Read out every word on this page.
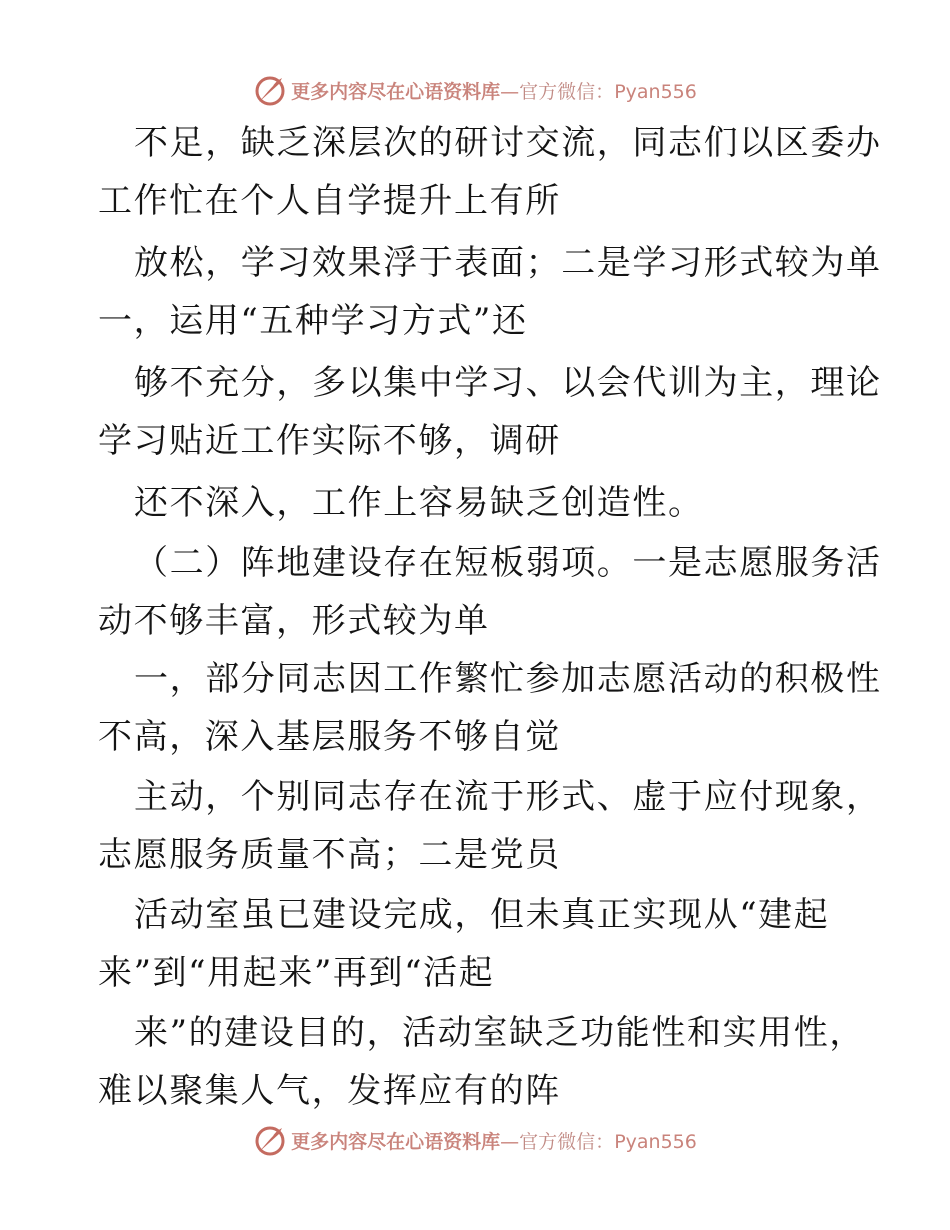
更多内容尽在心语资料库—官方微信：Pyan556
不足，缺乏深层次的研讨交流，同志们以区委办
工作忙在个人自学提升上有所
放松，学习效果浮于表面；二是学习形式较为单
一，运用“五种学习方式”还
够不充分，多以集中学习、以会代训为主，理论
学习贴近工作实际不够，调研
还不深入，工作上容易缺乏创造性。
（二）阵地建设存在短板弱项。一是志愿服务活
动不够丰富，形式较为单
一，部分同志因工作繁忙参加志愿活动的积极性
不高，深入基层服务不够自觉
主动，个别同志存在流于形式、虚于应付现象，
志愿服务质量不高；二是党员
活动室虽已建设完成，但未真正实现从“建起
来”到“用起来”再到“活起
来”的建设目的，活动室缺乏功能性和实用性，
难以聚集人气，发挥应有的阵
更多内容尽在心语资料库—官方微信：Pyan556
